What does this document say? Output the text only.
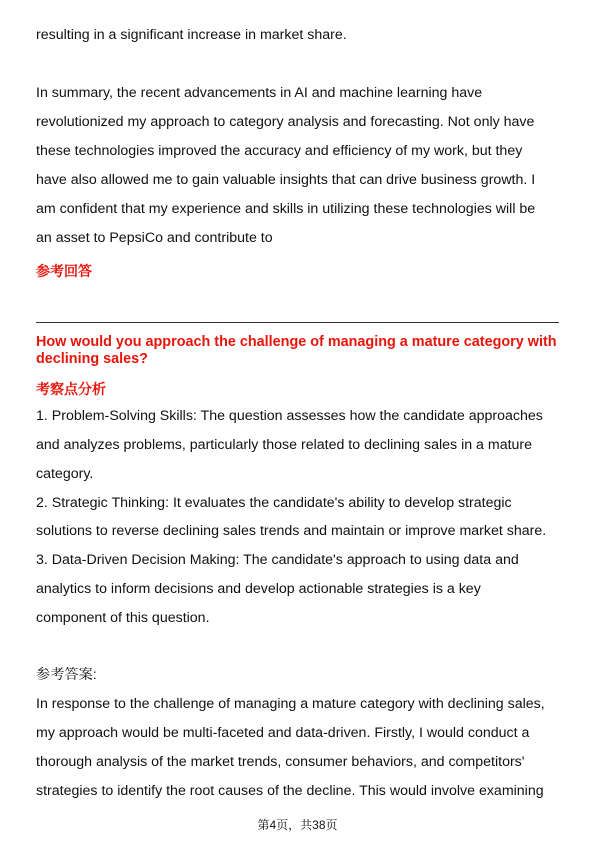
resulting in a significant increase in market share.
In summary, the recent advancements in AI and machine learning have
revolutionized my approach to category analysis and forecasting. Not only have
these technologies improved the accuracy and efficiency of my work, but they
have also allowed me to gain valuable insights that can drive business growth. I
am confident that my experience and skills in utilizing these technologies will be
an asset to PepsiCo and contribute to
参考回答
How would you approach the challenge of managing a mature category with declining sales?
考察点分析
1. Problem-Solving Skills: The question assesses how the candidate approaches
and analyzes problems, particularly those related to declining sales in a mature
category.
2. Strategic Thinking: It evaluates the candidate's ability to develop strategic
solutions to reverse declining sales trends and maintain or improve market share.
3. Data-Driven Decision Making: The candidate's approach to using data and
analytics to inform decisions and develop actionable strategies is a key
component of this question.
参考答案:
In response to the challenge of managing a mature category with declining sales,
my approach would be multi-faceted and data-driven. Firstly, I would conduct a
thorough analysis of the market trends, consumer behaviors, and competitors'
strategies to identify the root causes of the decline. This would involve examining
第4页，共38页
